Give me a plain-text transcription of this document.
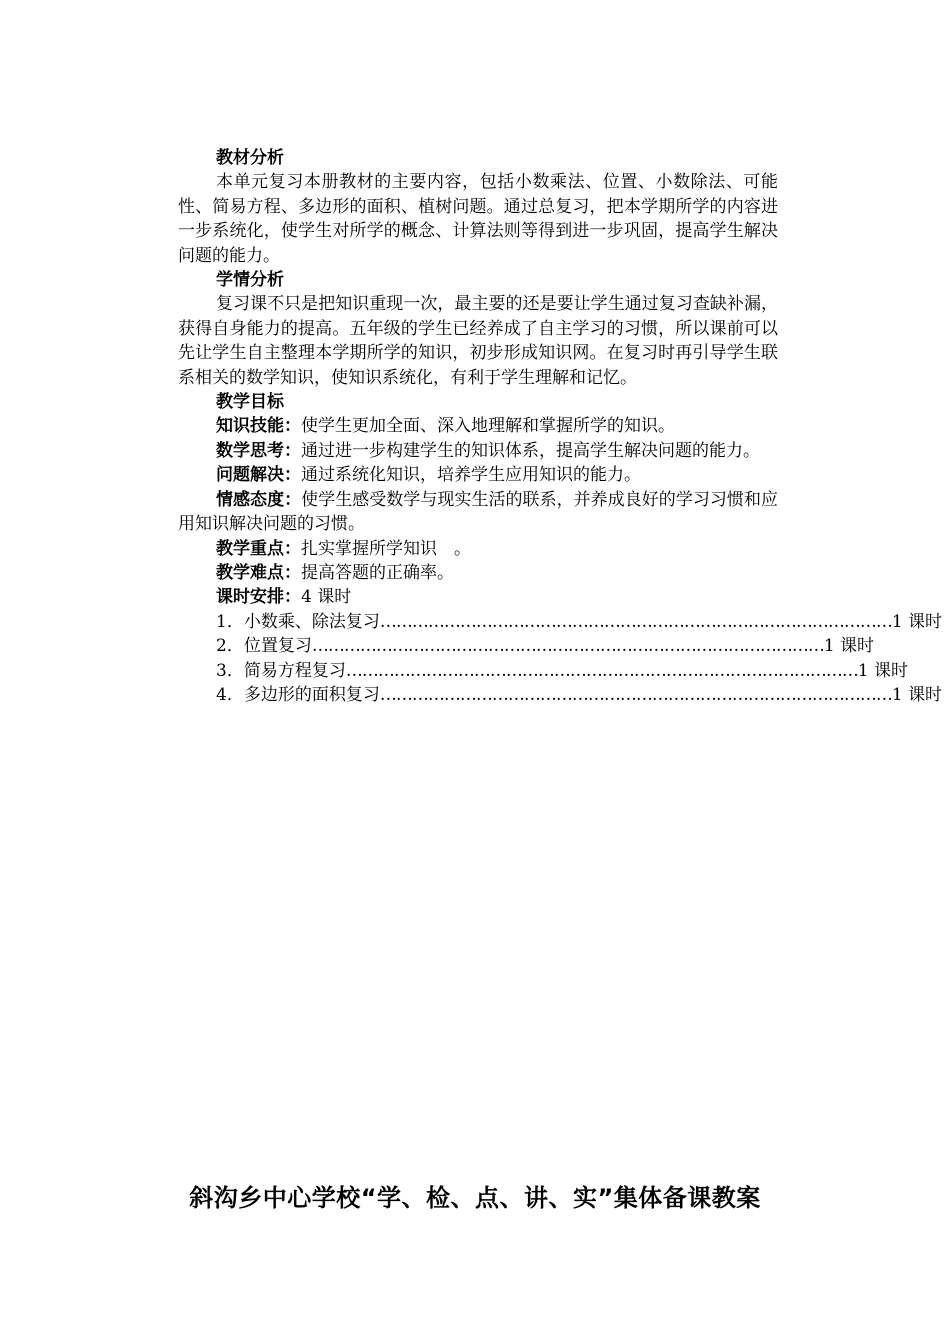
教材分析

本单元复习本册教材的主要内容，包括小数乘法、位置、小数除法、可能性、简易方程、多边形的面积、植树问题。通过总复习，把本学期所学的内容进一步系统化，使学生对所学的概念、计算法则等得到进一步巩固，提高学生解决问题的能力。

学情分析

复习课不只是把知识重现一次，最主要的还是要让学生通过复习查缺补漏，获得自身能力的提高。五年级的学生已经养成了自主学习的习惯，所以课前可以先让学生自主整理本学期所学的知识，初步形成知识网。在复习时再引导学生联系相关的数学知识，使知识系统化，有利于学生理解和记忆。

教学目标

知识技能：使学生更加全面、深入地理解和掌握所学的知识。

数学思考：通过进一步构建学生的知识体系，提高学生解决问题的能力。

问题解决：通过系统化知识，培养学生应用知识的能力。

情感态度：使学生感受数学与现实生活的联系，并养成良好的学习习惯和应用知识解决问题的习惯。

教学重点：扎实掌握所学知识　。

教学难点：提高答题的正确率。

课时安排：4 课时

1． 小数乘、除法复习 …………………………………………………………………………………… 1 课时
2． 位置复习 …………………………………………………………………………………… 1 课时
3． 简易方程复习 …………………………………………………………………………………… 1 课时
4． 多边形的面积复习 …………………………………………………………………………………… 1 课时
斜沟乡中心学校“学、检、点、讲、实”集体备课教案
